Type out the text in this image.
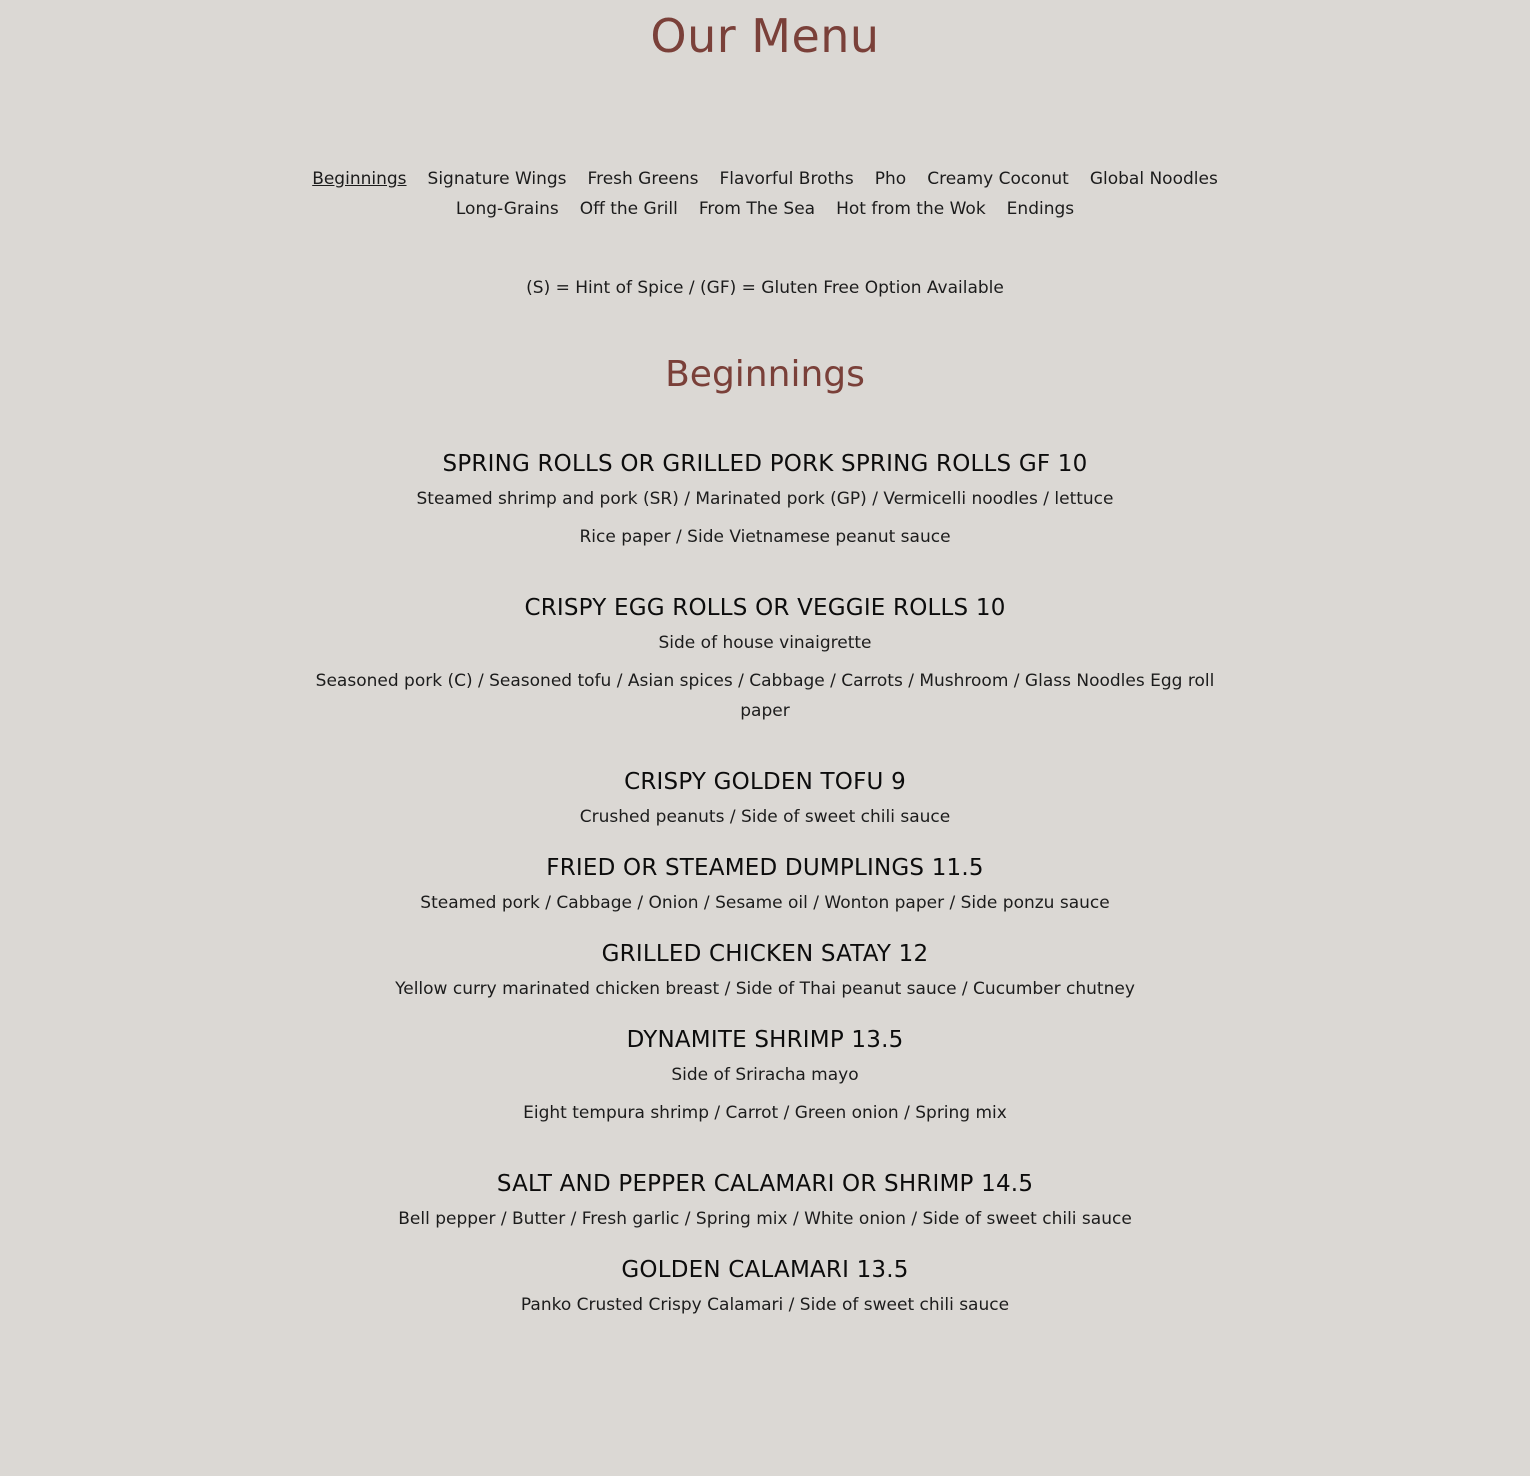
Our Menu
Beginnings Signature Wings Fresh Greens Flavorful Broths Pho Creamy Coconut Global Noodles
Long-Grains Off the Grill From The Sea Hot from the Wok Endings
(S) = Hint of Spice / (GF) = Gluten Free Option Available
Beginnings
SPRING ROLLS OR GRILLED PORK SPRING ROLLS GF 10

Steamed shrimp and pork (SR) / Marinated pork (GP) / Vermicelli noodles / lettuce

Rice paper / Side Vietnamese peanut sauce

CRISPY EGG ROLLS OR VEGGIE ROLLS 10

Side of house vinaigrette

Seasoned pork (C) / Seasoned tofu / Asian spices / Cabbage / Carrots / Mushroom / Glass Noodles Egg roll paper

CRISPY GOLDEN TOFU 9

Crushed peanuts / Side of sweet chili sauce

FRIED OR STEAMED DUMPLINGS 11.5

Steamed pork / Cabbage / Onion / Sesame oil / Wonton paper / Side ponzu sauce

GRILLED CHICKEN SATAY 12

Yellow curry marinated chicken breast / Side of Thai peanut sauce / Cucumber chutney

DYNAMITE SHRIMP 13.5

Side of Sriracha mayo

Eight tempura shrimp / Carrot / Green onion / Spring mix

SALT AND PEPPER CALAMARI OR SHRIMP 14.5

Bell pepper / Butter / Fresh garlic / Spring mix / White onion / Side of sweet chili sauce

GOLDEN CALAMARI 13.5

Panko Crusted Crispy Calamari / Side of sweet chili sauce
